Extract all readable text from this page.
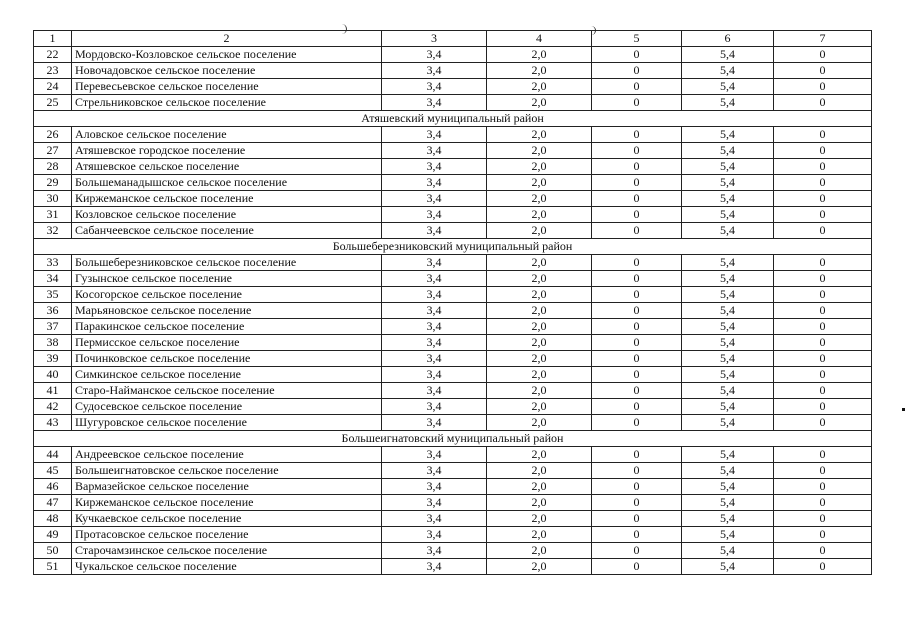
1	2	3	4	5	6	7
22	Мордовско-Козловское сельское поселение	3,4	2,0	0	5,4	0
23	Новочадовское сельское поселение	3,4	2,0	0	5,4	0
24	Перевесьевское сельское поселение	3,4	2,0	0	5,4	0
25	Стрельниковское сельское поселение	3,4	2,0	0	5,4	0
Атяшевский муниципальный район						
26	Аловское сельское поселение	3,4	2,0	0	5,4	0
27	Атяшевское городское поселение	3,4	2,0	0	5,4	0
28	Атяшевское сельское поселение	3,4	2,0	0	5,4	0
29	Большеманадышское сельское поселение	3,4	2,0	0	5,4	0
30	Киржеманское сельское поселение	3,4	2,0	0	5,4	0
31	Козловское сельское поселение	3,4	2,0	0	5,4	0
32	Сабанчеевское сельское поселение	3,4	2,0	0	5,4	0
Большеберезниковский муниципальный район						
33	Большеберезниковское сельское поселение	3,4	2,0	0	5,4	0
34	Гузынское сельское поселение	3,4	2,0	0	5,4	0
35	Косогорское сельское поселение	3,4	2,0	0	5,4	0
36	Марьяновское сельское поселение	3,4	2,0	0	5,4	0
37	Паракинское сельское поселение	3,4	2,0	0	5,4	0
38	Пермисское сельское поселение	3,4	2,0	0	5,4	0
39	Починковское сельское поселение	3,4	2,0	0	5,4	0
40	Симкинское сельское поселение	3,4	2,0	0	5,4	0
41	Старо-Найманское сельское поселение	3,4	2,0	0	5,4	0
42	Судосевское сельское поселение	3,4	2,0	0	5,4	0
43	Шугуровское сельское поселение	3,4	2,0	0	5,4	0
Большеигнатовский муниципальный район						
44	Андреевское сельское поселение	3,4	2,0	0	5,4	0
45	Большеигнатовское сельское поселение	3,4	2,0	0	5,4	0
46	Вармазейское сельское поселение	3,4	2,0	0	5,4	0
47	Киржеманское сельское поселение	3,4	2,0	0	5,4	0
48	Кучкаевское сельское поселение	3,4	2,0	0	5,4	0
49	Протасовское сельское поселение	3,4	2,0	0	5,4	0
50	Старочамзинское сельское поселение	3,4	2,0	0	5,4	0
51	Чукальское сельское поселение	3,4	2,0	0	5,4	0
